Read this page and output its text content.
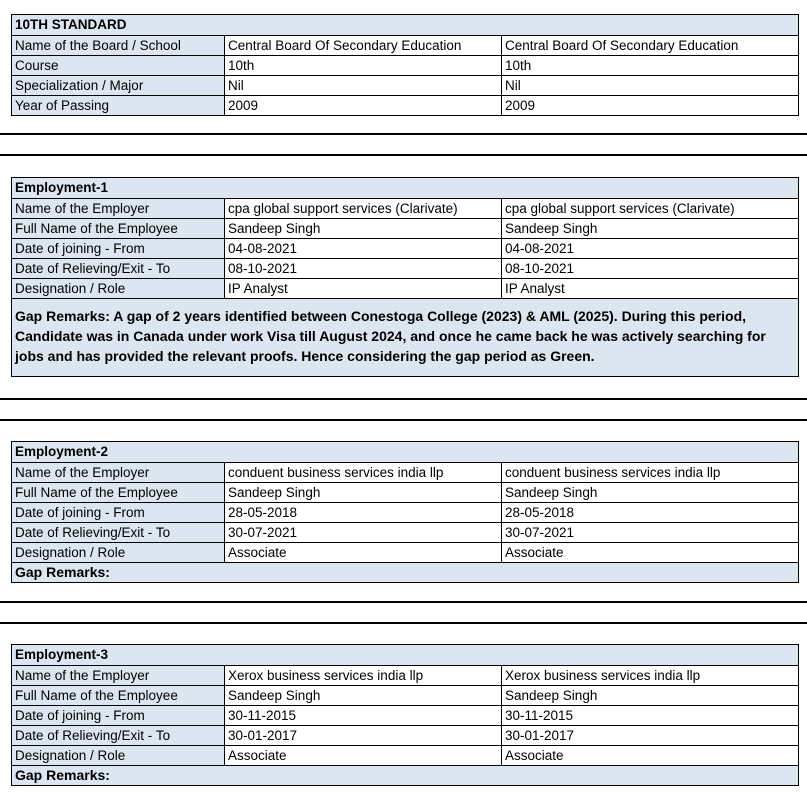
10TH STANDARD
Name of the Board / School	Central Board Of Secondary Education	Central Board Of Secondary Education
Course	10th	10th
Specialization / Major	Nil	Nil
Year of Passing	2009	2009
Employment-1
Name of the Employer	cpa global support services (Clarivate)	cpa global support services (Clarivate)
Full Name of the Employee	Sandeep Singh	Sandeep Singh
Date of joining - From	04-08-2021	04-08-2021
Date of Relieving/Exit - To	08-10-2021	08-10-2021
Designation / Role	IP Analyst	IP Analyst
Gap Remarks: A gap of 2 years identified between Conestoga College (2023) & AML (2025). During this period, Candidate was in Canada under work Visa till August 2024, and once he came back he was actively searching for jobs and has provided the relevant proofs. Hence considering the gap period as Green.
Employment-2
Name of the Employer	conduent business services india llp	conduent business services india llp
Full Name of the Employee	Sandeep Singh	Sandeep Singh
Date of joining - From	28-05-2018	28-05-2018
Date of Relieving/Exit - To	30-07-2021	30-07-2021
Designation / Role	Associate	Associate
Gap Remarks:
Employment-3
Name of the Employer	Xerox business services india llp	Xerox business services india llp
Full Name of the Employee	Sandeep Singh	Sandeep Singh
Date of joining - From	30-11-2015	30-11-2015
Date of Relieving/Exit - To	30-01-2017	30-01-2017
Designation / Role	Associate	Associate
Gap Remarks:
